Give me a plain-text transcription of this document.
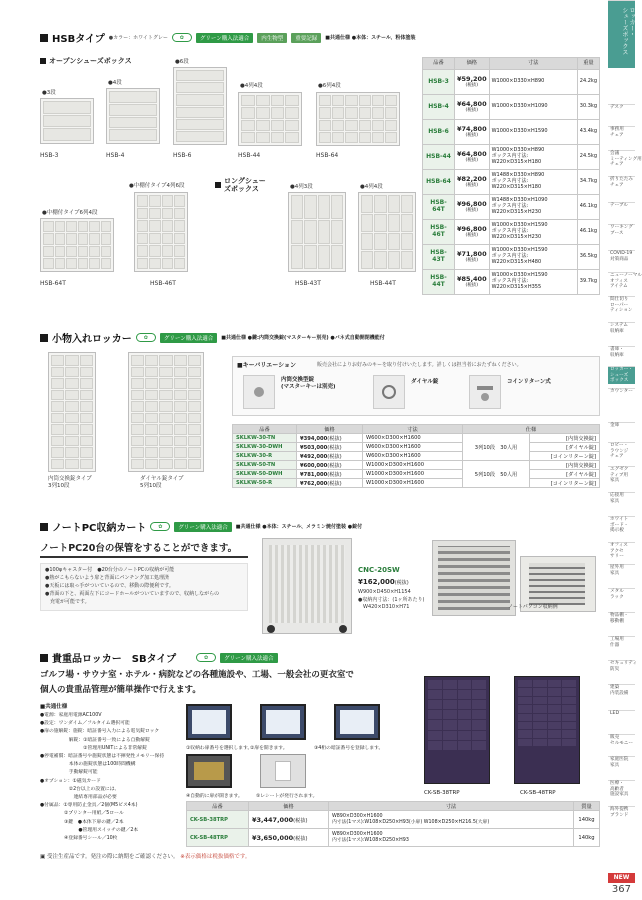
HSBタイプ ●カラー：ホワイトグレー	✿	グリーン購入法適合	内生物型	重要記録	■共通仕様 ●本体：スチール、粉体塗装
オープンシューズボックス
●3段
HSB-3
●4段
HSB-4
●6段
HSB-6
●4列4段
HSB-44
●6列4段
HSB-64
●中棚付タイプ6列4段
HSB-64T
●中棚付タイプ4列6段
HSB-46T
ロングシューズボックス	●4列3段
HSB-43T
●4列4段
HSB-44T
品番	価格	寸法	重量
HSB-3	¥59,200
(税抜)	W1000×D330×H890	24.2kg
HSB-4	¥64,800
(税抜)	W1000×D330×H1090	30.3kg
HSB-6	¥74,800
(税抜)	W1000×D330×H1590	43.4kg
HSB-44	¥64,800
(税抜)	W1000×D330×H890
ボックス内寸法:
W220×D315×H180	24.5kg
HSB-64	¥82,200
(税抜)	W1488×D330×H890
ボックス内寸法:
W220×D315×H180	34.7kg
HSB-64T	¥96,800
(税抜)	W1488×D330×H1090
ボックス内寸法:
W220×D315×H230	46.1kg
HSB-46T	¥96,800
(税抜)	W1000×D330×H1590
ボックス内寸法:
W220×D315×H230	46.1kg
HSB-43T	¥71,800
(税抜)	W1000×D330×H1590
ボックス内寸法:
W220×D315×H480	36.5kg
HSB-44T	¥85,400
(税抜)	W1000×D330×H1590
ボックス内寸法:
W220×D315×H355	39.7kg
小物入れロッカー	✿	グリーン購入法適合	■共通仕様 ●鍵:内筒交換錠(マスターキー別売) ●バネ式自動開閉機能付
内筒交換錠タイプ
3列10段
ダイヤル錠タイプ
5列10段
■キーバリエーション	販売会社によりお好みのキーを取り付けいたします。詳しくは担当者におたずねください。
内筒交換型錠
(マスターキーは別売)
ダイヤル錠	コインリターン式
品番	価格	寸法	仕様	
SKLKW-30-TN	¥394,000(税抜)	W600×D300×H1600	3列10段　30人用	[内筒交換錠]
SKLKW-30-DWH	¥503,000(税抜)	W600×D300×H1600		[ダイヤル錠]
SKLKW-30-R	¥492,000(税抜)	W600×D300×H1600		[コインリターン錠]
SKLKW-50-TN	¥600,000(税抜)	W1000×D300×H1600	5列10段　50人用	[内筒交換錠]
SKLKW-50-DWH	¥781,000(税抜)	W1000×D300×H1600		[ダイヤル錠]
SKLKW-50-R	¥762,000(税抜)	W1000×D300×H1600		[コインリターン錠]
ノートPC収納カート	✿	グリーン購入法適合	■共通仕様 ●本体：スチール、メラミン焼付塗装 ●錠付
ノートPC20台の保管をすることができます。
●100φキャスター付　●20台分のノートPCの収納が可能
●熱がこもらないよう扉と背面にパンチング加工処理済
●天板には取っ手がついているので、移動の際便利です。
●背面の下と、両面左下にコードホールがついていますので、収納しながらの
　充電が可能です。
CNC-20SW
¥162,000(税抜)
W900×D450×H1154
●収納内寸法：(1ヶ所あたり)
　W420×D310×H71	ノートパソコン収納例
貴重品ロッカー　SBタイプ	✿	グリーン購入法適合
ゴルフ場・サウナ室・ホテル・病院などの各種施設や、工場、一般会社の更衣室で
個人の貴重品管理が簡単操作で行えます。
■共通仕様
●電源：家庭用電源AC100V
●設定：ワンダイム／フルタイム選択可能
●扉の施解錠：施錠：暗証番号入力による電気錠ロック
　　　　　　解錠：①暗証番号一致による自動解錠
　　　　　　　　　②管理用UNITによる非常解錠
●停電補償：暗証番号や施錠状態は不揮発性メモリー保持
　　　　　　本体の施錠状態は100時間機構
　　　　　　手動解錠可能
●オプション：①磁気カード
　　　　　　②2台以上の設置には、
　　　　　　　連結専用部品が必要
●付属品：①専用防止金具／2個(M5ビス4本)
　　　　　②プリンター用紙／5ロール
　　　　　③鍵　●本体下扉の鍵／2本
　　　　　　　　●管理用スイッチの鍵／2本
　　　　　④登録番号シール／10枚
①収納わ扉番号を選択します。
②扉を開きます。	③4桁の暗証番号を登録します。
④自動的に扉が開きます。	⑤レシートが発行されます。
CK-SB-38TRP	CK-SB-48TRP
品番	価格	寸法	質量
CK-SB-38TRP	¥3,447,000(税抜)	W890×D300×H1600
内寸法(1マス):W108×D250×H93(小扉) W108×D250×H216.5(大扉)	140kg
CK-SB-48TRP	¥3,650,000(税抜)	W890×D300×H1600
内寸法(1マス):W108×D250×H93	140kg
▣ 受注生産品です。発注の際に納期をご確認ください。 ※表示価格は税抜価格です。
ロッカー・
シューズボックス
デスク
事務用
チェア
会議
ミーティング用
チェア
折りたたみ
チェア
テーブル
ワーキング
ブース
COVID-19
対策商品
ニューノーマル
オフィス
アイテム
間仕切り
ローパー
ティション
システム
収納庫
書庫・
収納庫
ロッカー・
シューズ
ボックス
カウンター
金庫
ロビー・
ラウンジ
チェア
エグゼク
ティブ用
家具
応接用
家具
ホワイト
ボード・
掲示板
オフィス
アクセ
サリー
屋外用
家具
メタル
ラック
物品棚・
移動棚
工場用
什器
セキュリティ
防災
建築
内装設備
LED
販売
セルモニー
家庭医院
家具
医療・
高齢者
施設家具
海外提携
ブランド
NEW
367
